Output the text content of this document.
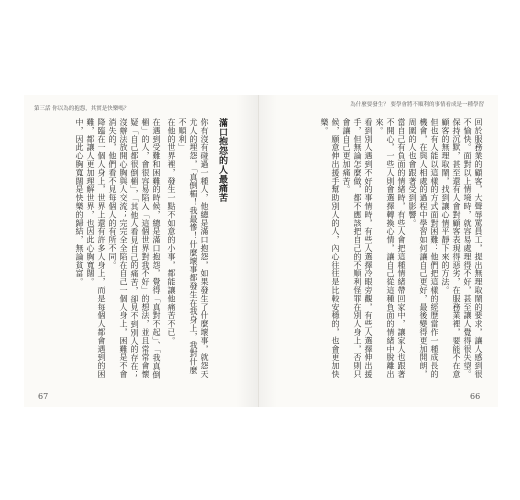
第三話 你以為的抱怨，其實是快樂嗎？

滿口抱怨的人最痛苦

你有沒有碰過一種人，他總是滿口抱怨，如果發生了什麼壞事，就怨天尤人的埋怨，「真倒楣！我最慘！什麼壞事都發生在我身上，我對什麼不順利」

在他的世界裡，發生一點不如意的小事，都能讓他痛苦不已。

在遇到受難和困難的時候，總是滿口抱怨，覺得「真對不起」、「我真倒楣」的人，會很容易陷入「這個世界對我不好」的想法，並且常常會懷疑「自己都很倒楣」，「其他人看見自己的痛苦，卻見不到別人的存在；沒辦法放開心胸與人交流；完完全全陷在自己一個人身上，困難是不會消失的，他們看不見每個人的有所不同。

降臨在一個人身上，世界上還有許多人身上，而是每個人都會遇到的困難，都讓人更加理解世界，也因此心胸寬闊。

中，因此心胸寬闊是快樂的歸結，無論貧富。

67
為什麼要發生？ 要學會將不順利的事情看成是一種學習

回於服務業的顧客，大聲辱罵員工，提出無理取鬧的要求，讓人感到很不愉快。面對以上情境時，就容易處理得不好，甚至讓人覺得很失望。

保持沉默，甚至還有人會對顧客表現得惡劣，在服務業裡，要能不在意顧客的無理取鬧，找到讓心情平靜下來的方法。

但也有人能以這樣的方式面對困難：他們把這樣的經歷當作一種成長的機會，在與人相處的過程中學習如何讓自己更好，最後變得更加開朗，周圍的人也會跟著受到影響。

當自己有負面的情緒時，有些人會把這種情緒帶回家中，讓家人也跟著不開心，一些人則會選擇轉換心情，讓自己從這種負面的情緒中脫離出來。

看到別人遇到不好的事情時，有些人選擇冷眼旁觀，有些人選擇伸出援手，但無論怎麼做，都不應該把自己的不順利怪罪在別人身上，否則只會讓自己更加痛苦。

候，願意伸出援手幫助別人的人，內心往往是比較安穩的，也會更加快樂。

66
